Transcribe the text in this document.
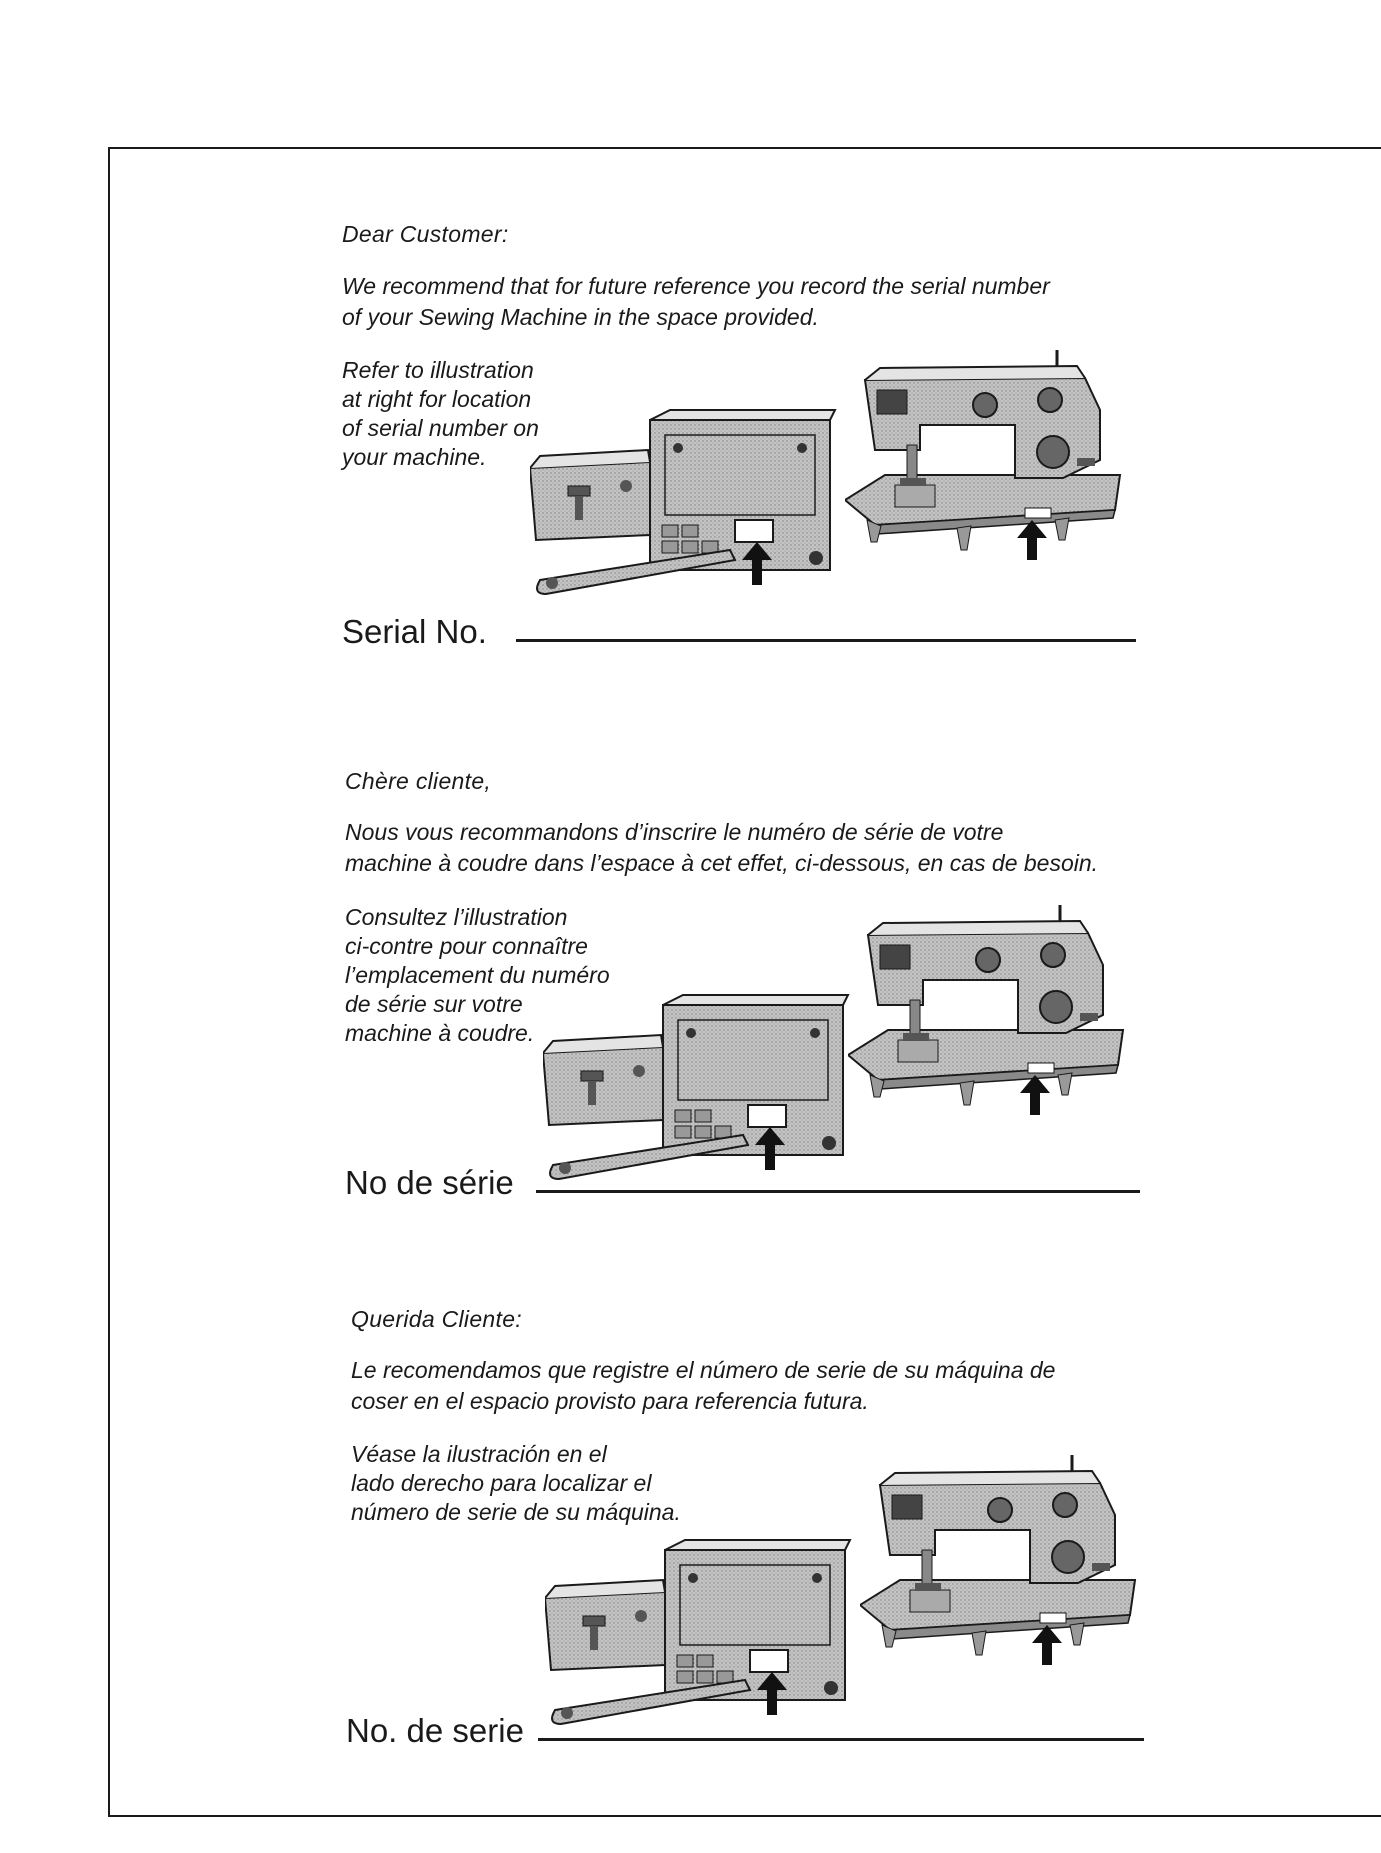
Dear Customer:
We recommend that for future reference you record the serial number
of your Sewing Machine in the space provided.
Refer to illustration
at right for location
of serial number on
your machine.
Serial No.
Chère cliente,
Nous vous recommandons d’inscrire le numéro de série de votre
machine à coudre dans l’espace à cet effet, ci-dessous, en cas de besoin.
Consultez l’illustration
ci-contre pour connaître
l’emplacement du numéro
de série sur votre
machine à coudre.
No de série
Querida Cliente:
Le recomendamos que registre el número de serie de su máquina de
coser en el espacio provisto para referencia futura.
Véase la ilustración en el
lado derecho para localizar el
número de serie de su máquina.
No. de serie
